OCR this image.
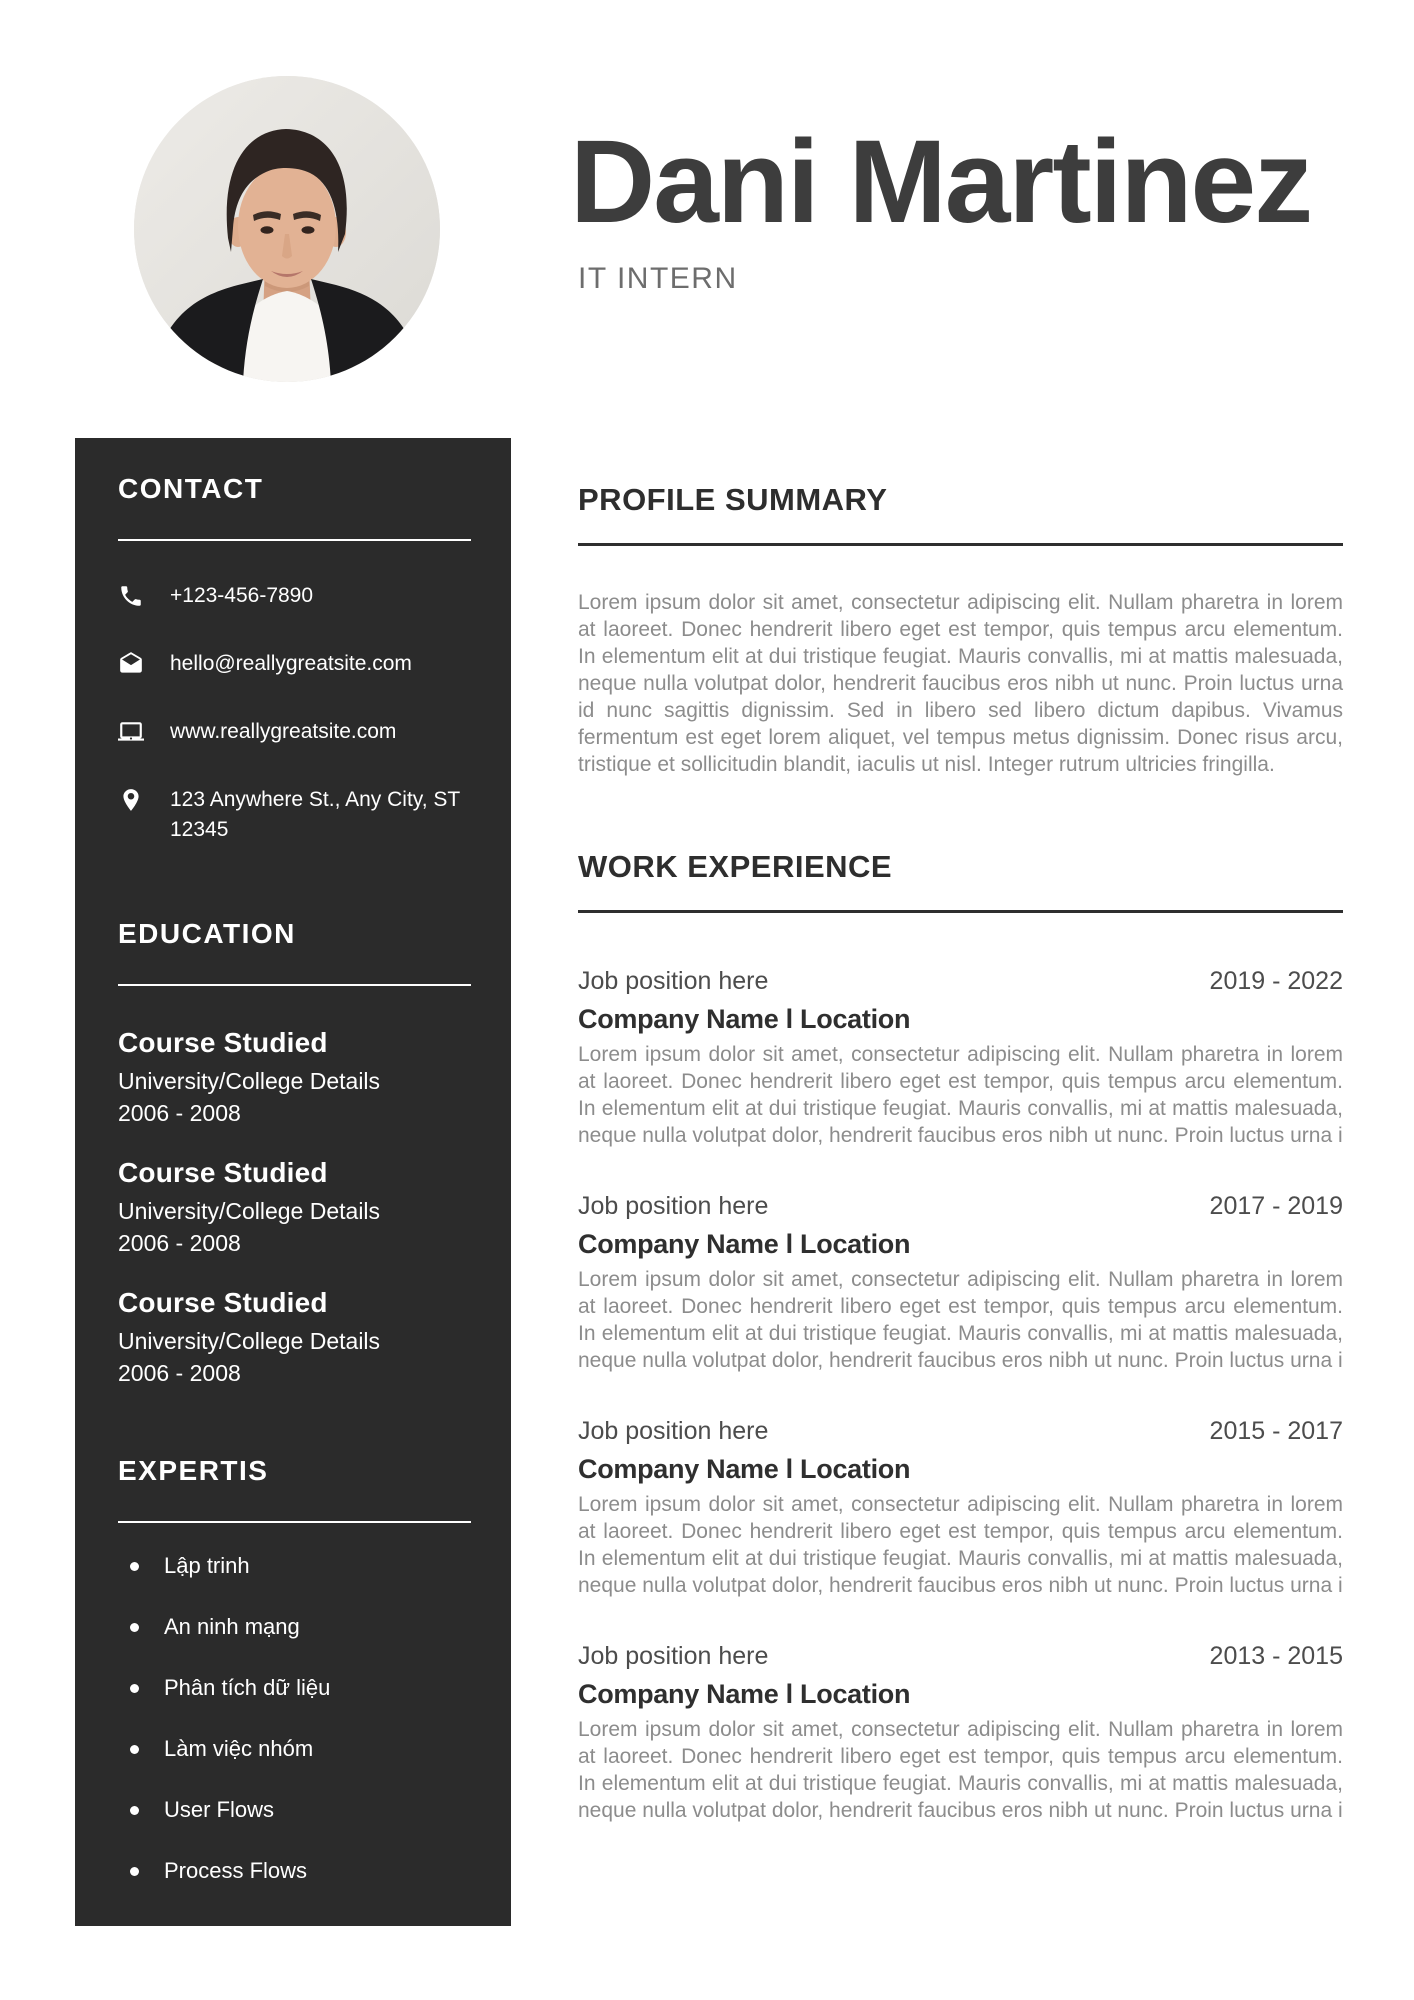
Dani Martinez
IT INTERN
CONTACT
+123-456-7890
hello@reallygreatsite.com
www.reallygreatsite.com
123 Anywhere St., Any City, ST 12345
EDUCATION
Course Studied
University/College Details
2006 - 2008
Course Studied
University/College Details
2006 - 2008
Course Studied
University/College Details
2006 - 2008
EXPERTIS
Lập trinh
An ninh mạng
Phân tích dữ liệu
Làm việc nhóm
User Flows
Process Flows
PROFILE SUMMARY

Lorem ipsum dolor sit amet, consectetur adipiscing elit. Nullam pharetra in lorem at laoreet. Donec hendrerit libero eget est tempor, quis tempus arcu elementum. In elementum elit at dui tristique feugiat. Mauris convallis, mi at mattis malesuada, neque nulla volutpat dolor, hendrerit faucibus eros nibh ut nunc. Proin luctus urna id nunc sagittis dignissim. Sed in libero sed libero dictum dapibus. Vivamus fermentum est eget lorem aliquet, vel tempus metus dignissim. Donec risus arcu, tristique et sollicitudin blandit, iaculis ut nisl. Integer rutrum ultricies fringilla.

WORK EXPERIENCE
Job position here	2019 - 2022
Company Name l Location

Lorem ipsum dolor sit amet, consectetur adipiscing elit. Nullam pharetra in lorem at laoreet. Donec hendrerit libero eget est tempor, quis tempus arcu elementum. In elementum elit at dui tristique feugiat. Mauris convallis, mi at mattis malesuada, neque nulla volutpat dolor, hendrerit faucibus eros nibh ut nunc. Proin luctus urna i

Job position here	2017 - 2019
Company Name l Location

Lorem ipsum dolor sit amet, consectetur adipiscing elit. Nullam pharetra in lorem at laoreet. Donec hendrerit libero eget est tempor, quis tempus arcu elementum. In elementum elit at dui tristique feugiat. Mauris convallis, mi at mattis malesuada, neque nulla volutpat dolor, hendrerit faucibus eros nibh ut nunc. Proin luctus urna i

Job position here	2015 - 2017
Company Name l Location

Lorem ipsum dolor sit amet, consectetur adipiscing elit. Nullam pharetra in lorem at laoreet. Donec hendrerit libero eget est tempor, quis tempus arcu elementum. In elementum elit at dui tristique feugiat. Mauris convallis, mi at mattis malesuada, neque nulla volutpat dolor, hendrerit faucibus eros nibh ut nunc. Proin luctus urna i

Job position here	2013 - 2015
Company Name l Location

Lorem ipsum dolor sit amet, consectetur adipiscing elit. Nullam pharetra in lorem at laoreet. Donec hendrerit libero eget est tempor, quis tempus arcu elementum. In elementum elit at dui tristique feugiat. Mauris convallis, mi at mattis malesuada, neque nulla volutpat dolor, hendrerit faucibus eros nibh ut nunc. Proin luctus urna i
